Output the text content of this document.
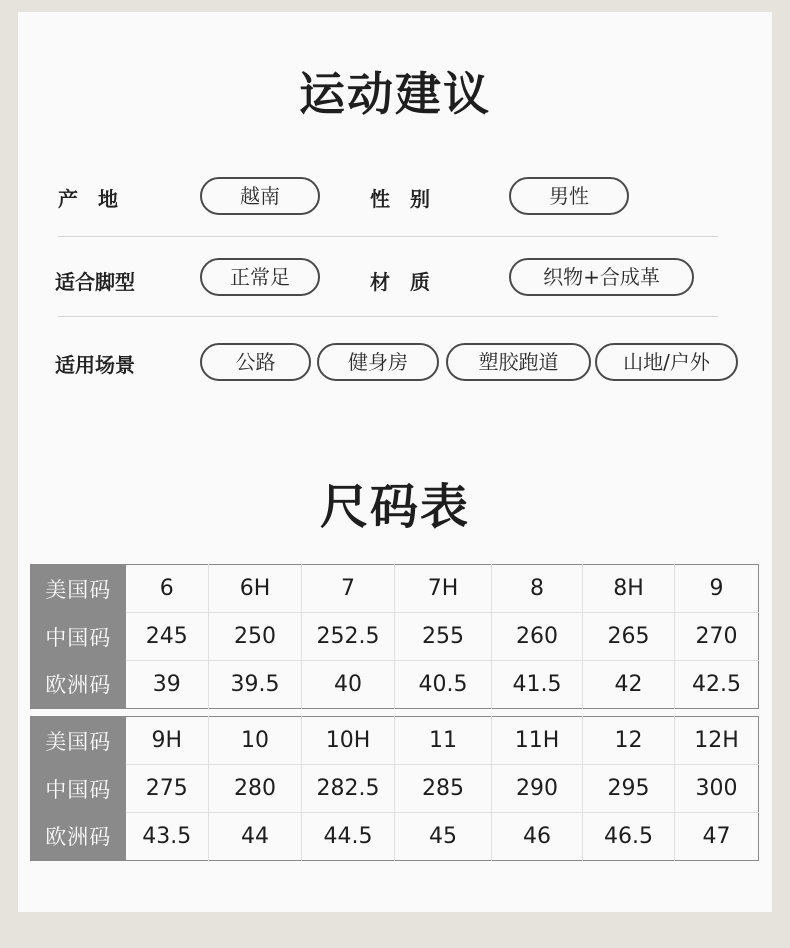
运动建议
产　地	越南	性　别	男性
适合脚型	正常足	材　质	织物+合成革
适用场景	公路	健身房	塑胶跑道	山地/户外
尺码表
美国码	6	6H	7	7H	8	8H	9
中国码	245	250	252.5	255	260	265	270
欧洲码	39	39.5	40	40.5	41.5	42	42.5
美国码	9H	10	10H	11	11H	12	12H
中国码	275	280	282.5	285	290	295	300
欧洲码	43.5	44	44.5	45	46	46.5	47
